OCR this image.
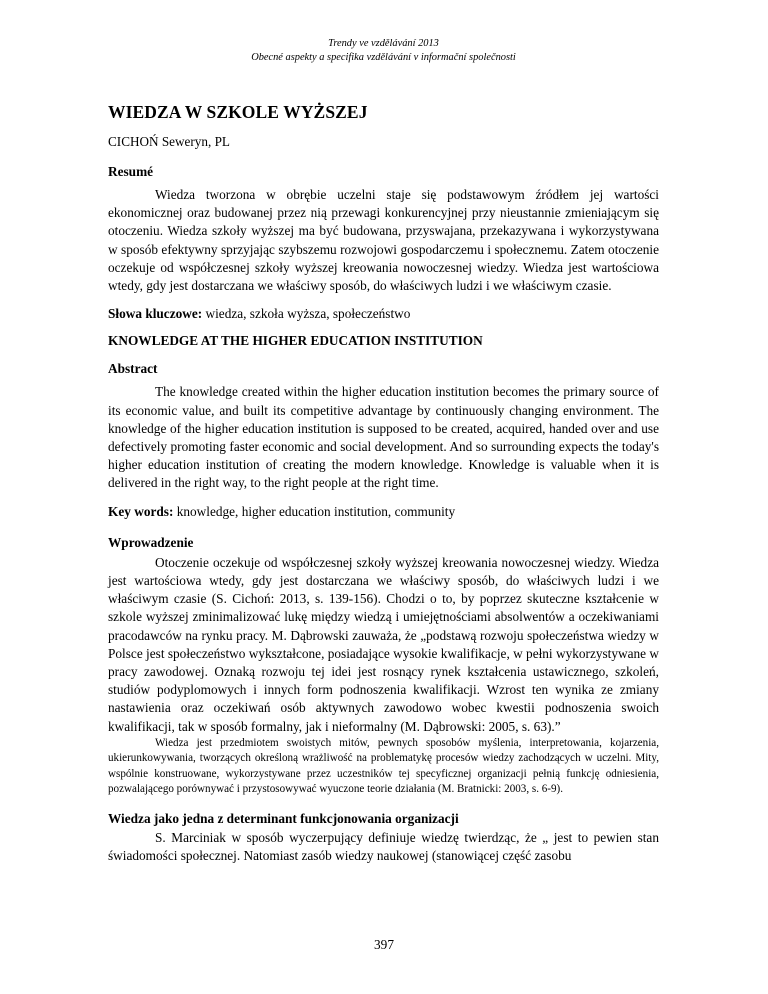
Trendy ve vzdělávání 2013
Obecné aspekty a specifika vzdělávání v informační společnosti
WIEDZA W SZKOLE WYŻSZEJ
CICHOŃ Seweryn, PL
Resumé

Wiedza tworzona w obrębie uczelni staje się podstawowym źródłem jej wartości ekonomicznej oraz budowanej przez nią przewagi konkurencyjnej przy nieustannie zmieniającym się otoczeniu. Wiedza szkoły wyższej ma być budowana, przyswajana, przekazywana i wykorzystywana w sposób efektywny sprzyjając szybszemu rozwojowi gospodarczemu i społecznemu. Zatem otoczenie oczekuje od współczesnej szkoły wyższej kreowania nowoczesnej wiedzy. Wiedza jest wartościowa wtedy, gdy jest dostarczana we właściwy sposób, do właściwych ludzi i we właściwym czasie.

Słowa kluczowe: wiedza, szkoła wyższa, społeczeństwo

KNOWLEDGE AT THE HIGHER EDUCATION INSTITUTION
Abstract

The knowledge created within the higher education institution becomes the primary source of its economic value, and built its competitive advantage by continuously changing environment. The knowledge of the higher education institution is supposed to be created, acquired, handed over and use defectively promoting faster economic and social development. And so surrounding expects the today's higher education institution of creating the modern knowledge. Knowledge is valuable when it is delivered in the right way, to the right people at the right time.

Key words: knowledge, higher education institution, community

Wprowadzenie

Otoczenie oczekuje od współczesnej szkoły wyższej kreowania nowoczesnej wiedzy. Wiedza jest wartościowa wtedy, gdy jest dostarczana we właściwy sposób, do właściwych ludzi i we właściwym czasie (S. Cichoń: 2013, s. 139-156). Chodzi o to, by poprzez skuteczne kształcenie w szkole wyższej zminimalizować lukę między wiedzą i umiejętnościami absolwentów a oczekiwaniami pracodawców na rynku pracy. M. Dąbrowski zauważa, że „podstawą rozwoju społeczeństwa wiedzy w Polsce jest społeczeństwo wykształcone, posiadające wysokie kwalifikacje, w pełni wykorzystywane w pracy zawodowej. Oznaką rozwoju tej idei jest rosnący rynek kształcenia ustawicznego, szkoleń, studiów podyplomowych i innych form podnoszenia kwalifikacji. Wzrost ten wynika ze zmiany nastawienia oraz oczekiwań osób aktywnych zawodowo wobec kwestii podnoszenia swoich kwalifikacji, tak w sposób formalny, jak i nieformalny (M. Dąbrowski: 2005, s. 63).”

Wiedza jest przedmiotem swoistych mitów, pewnych sposobów myślenia, interpretowania, kojarzenia, ukierunkowywania, tworzących określoną wrażliwość na problematykę procesów wiedzy zachodzących w uczelni. Mity, wspólnie konstruowane, wykorzystywane przez uczestników tej specyficznej organizacji pełnią funkcję odniesienia, pozwalającego porównywać i przystosowywać wyuczone teorie działania (M. Bratnicki: 2003, s. 6-9).

Wiedza jako jedna z determinant funkcjonowania organizacji

S. Marciniak w sposób wyczerpujący definiuje wiedzę twierdząc, że „ jest to pewien stan świadomości społecznej. Natomiast zasób wiedzy naukowej (stanowiącej część zasobu

397
